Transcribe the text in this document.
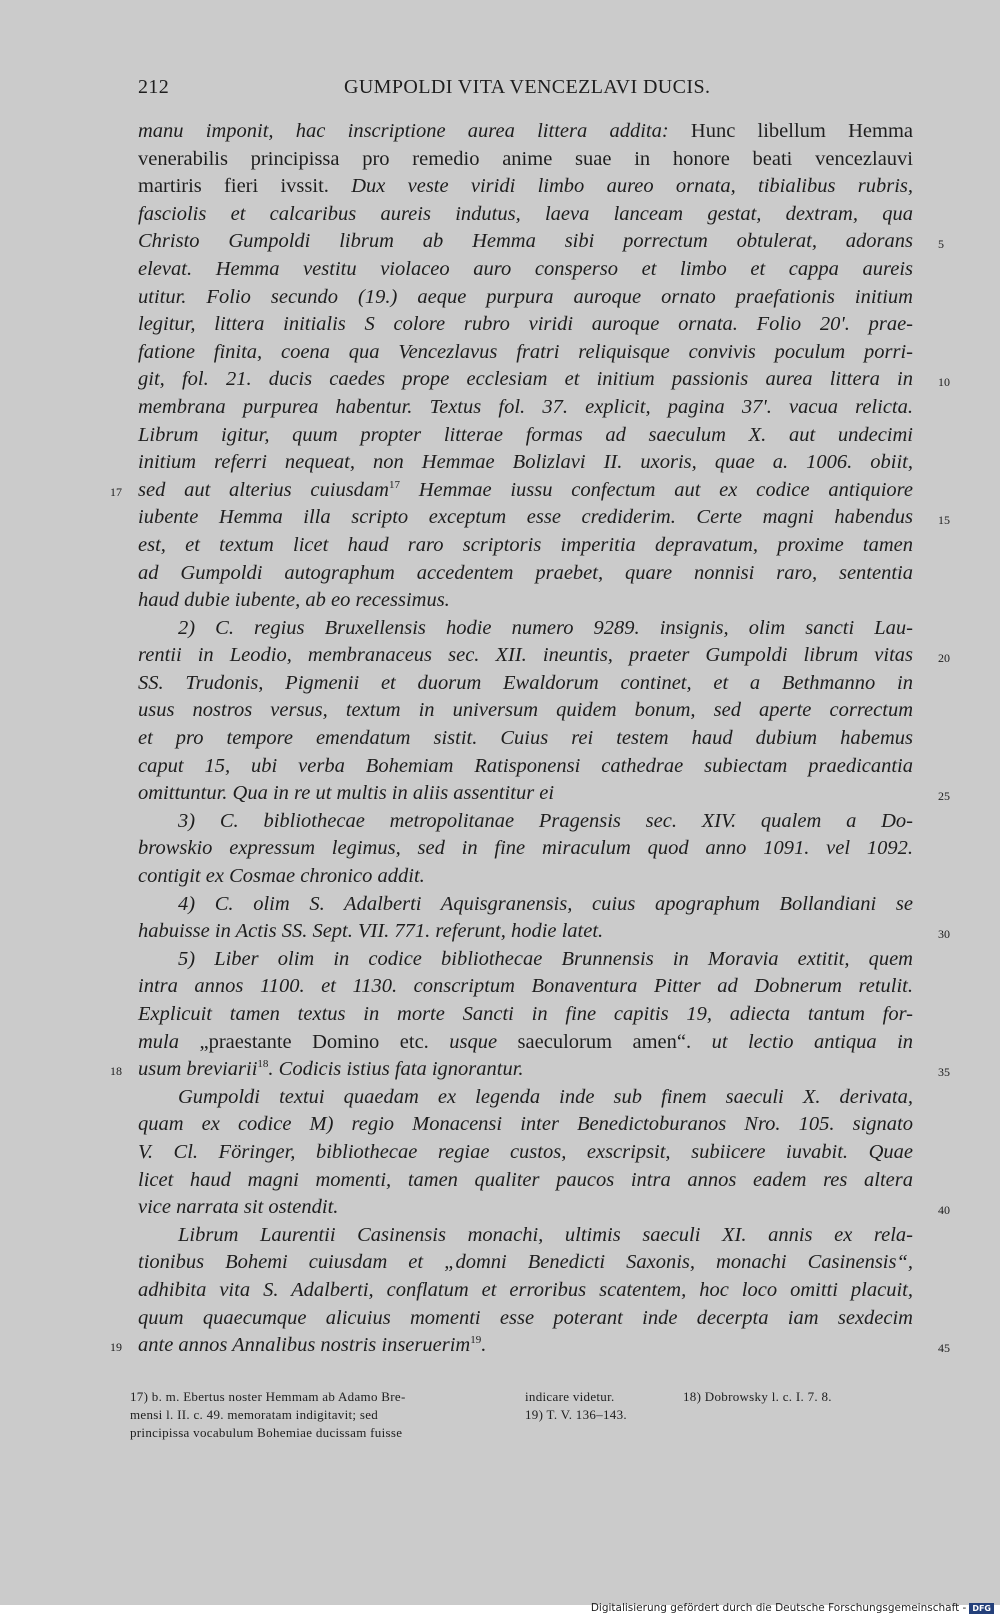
212	GUMPOLDI VITA VENCEZLAVI DUCIS.
manu imponit, hac inscriptione aurea littera addita: Hunc libellum Hemma
venerabilis principissa pro remedio anime suae in honore beati vencezlauvi
martiris fieri ivssit. Dux veste viridi limbo aureo ornata, tibialibus rubris,
fasciolis et calcaribus aureis indutus, laeva lanceam gestat, dextram, qua
Christo Gumpoldi librum ab Hemma sibi porrectum obtulerat, adorans 5
elevat. Hemma vestitu violaceo auro consperso et limbo et cappa aureis
utitur. Folio secundo (19.) aeque purpura auroque ornato praefationis initium
legitur, littera initialis S colore rubro viridi auroque ornata. Folio 20'. prae-
fatione finita, coena qua Vencezlavus fratri reliquisque convivis poculum porri-
git, fol. 21. ducis caedes prope ecclesiam et initium passionis aurea littera in 10
membrana purpurea habentur. Textus fol. 37. explicit, pagina 37'. vacua relicta.
Librum igitur, quum propter litterae formas ad saeculum X. aut undecimi
initium referri nequeat, non Hemmae Bolizlavi II. uxoris, quae a. 1006. obiit,
sed aut alterius cuiusdam$^{17}$ Hemmae iussu confectum aut ex codice antiquiore
17
iubente Hemma illa scripto exceptum esse crediderim. Certe magni habendus 15
est, et textum licet haud raro scriptoris imperitia depravatum, proxime tamen
ad Gumpoldi autographum accedentem praebet, quare nonnisi raro, sententia
haud dubie iubente, ab eo recessimus.
2) C. regius Bruxellensis hodie numero 9289. insignis, olim sancti Lau-
rentii in Leodio, membranaceus sec. XII. ineuntis, praeter Gumpoldi librum vitas 20
SS. Trudonis, Pigmenii et duorum Ewaldorum continet, et a Bethmanno in
usus nostros versus, textum in universum quidem bonum, sed aperte correctum
et pro tempore emendatum sistit. Cuius rei testem haud dubium habemus
caput 15, ubi verba Bohemiam Ratisponensi cathedrae subiectam praedicantia
omittuntur. Qua in re ut multis in aliis assentitur ei	25
3) C. bibliothecae metropolitanae Pragensis sec. XIV. qualem a Do-
browskio expressum legimus, sed in fine miraculum quod anno 1091. vel 1092.
contigit ex Cosmae chronico addit.
4) C. olim S. Adalberti Aquisgranensis, cuius apographum Bollandiani se
habuisse in Actis SS. Sept. VII. 771. referunt, hodie latet.	30
5) Liber olim in codice bibliothecae Brunnensis in Moravia extitit, quem
intra annos 1100. et 1130. conscriptum Bonaventura Pitter ad Dobnerum retulit.
Explicuit tamen textus in morte Sancti in fine capitis 19, adiecta tantum for-
mula „praestante Domino etc. usque saeculorum amen“. ut lectio antiqua in
usum breviarii$^{18}$. Codicis istius fata ignorantur.	35
18
Gumpoldi textui quaedam ex legenda inde sub finem saeculi X. derivata,
quam ex codice M) regio Monacensi inter Benedictoburanos Nro. 105. signato
V. Cl. Föringer, bibliothecae regiae custos, exscripsit, subiicere iuvabit. Quae
licet haud magni momenti, tamen qualiter paucos intra annos eadem res altera
vice narrata sit ostendit.	40
Librum Laurentii Casinensis monachi, ultimis saeculi XI. annis ex rela-
tionibus Bohemi cuiusdam et „domni Benedicti Saxonis, monachi Casinensis“,
adhibita vita S. Adalberti, conflatum et erroribus scatentem, hoc loco omitti placuit,
quum quaecumque alicuius momenti esse poterant inde decerpta iam sexdecim
ante annos Annalibus nostris inseruerim$^{19}$.	45
19
17) b. m. Ebertus noster Hemmam ab Adamo Bre-
mensi l. II. c. 49. memoratam indigitavit; sed
principissa vocabulum Bohemiae ducissam fuisse
indicare videtur.
19) T. V. 136–143.
18) Dobrowsky l. c. I. 7. 8.
Digitalisierung gefördert durch die Deutsche Forschungsgemeinschaft - DFG
